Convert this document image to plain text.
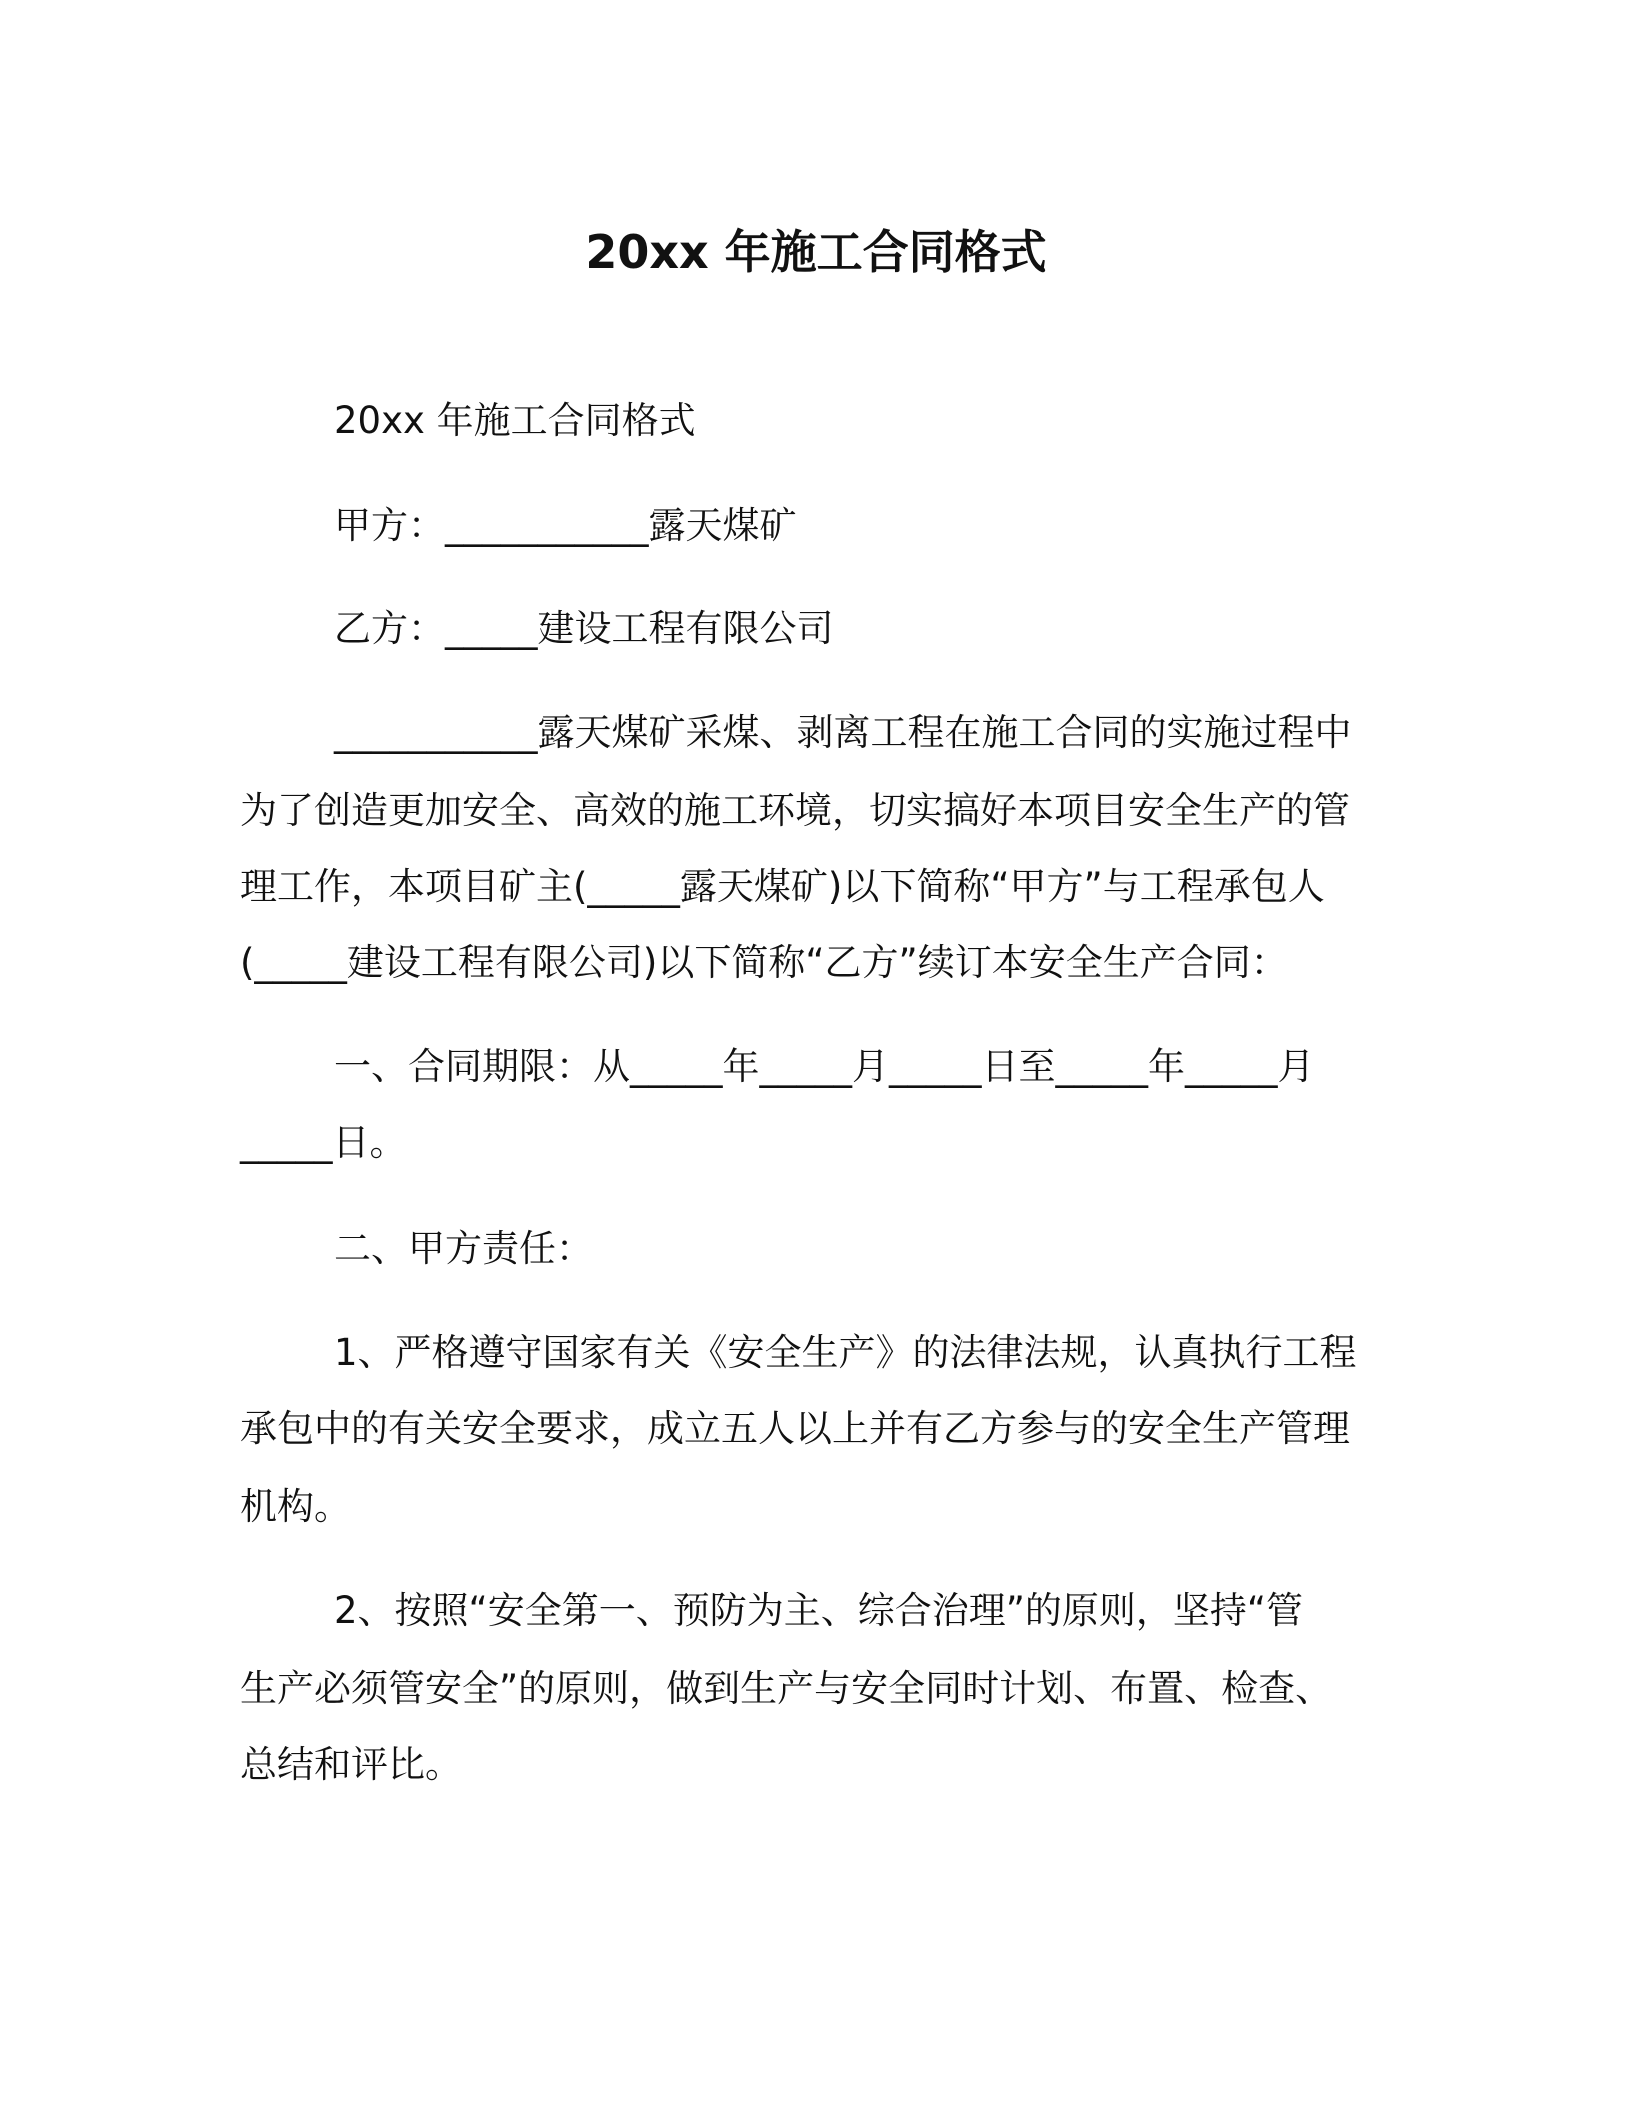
20xx 年施工合同格式

20xx 年施工合同格式

甲方：___________露天煤矿

乙方：_____建设工程有限公司

___________露天煤矿采煤、剥离工程在施工合同的实施过程中

为了创造更加安全、高效的施工环境，切实搞好本项目安全生产的管

理工作，本项目矿主(_____露天煤矿)以下简称“甲方”与工程承包人

(_____建设工程有限公司)以下简称“乙方”续订本安全生产合同：

一、合同期限：从_____年_____月_____日至_____年_____月

_____日。

二、甲方责任：

1、严格遵守国家有关《安全生产》的法律法规，认真执行工程

承包中的有关安全要求，成立五人以上并有乙方参与的安全生产管理

机构。

2、按照“安全第一、预防为主、综合治理”的原则，坚持“管

生产必须管安全”的原则，做到生产与安全同时计划、布置、检查、

总结和评比。
